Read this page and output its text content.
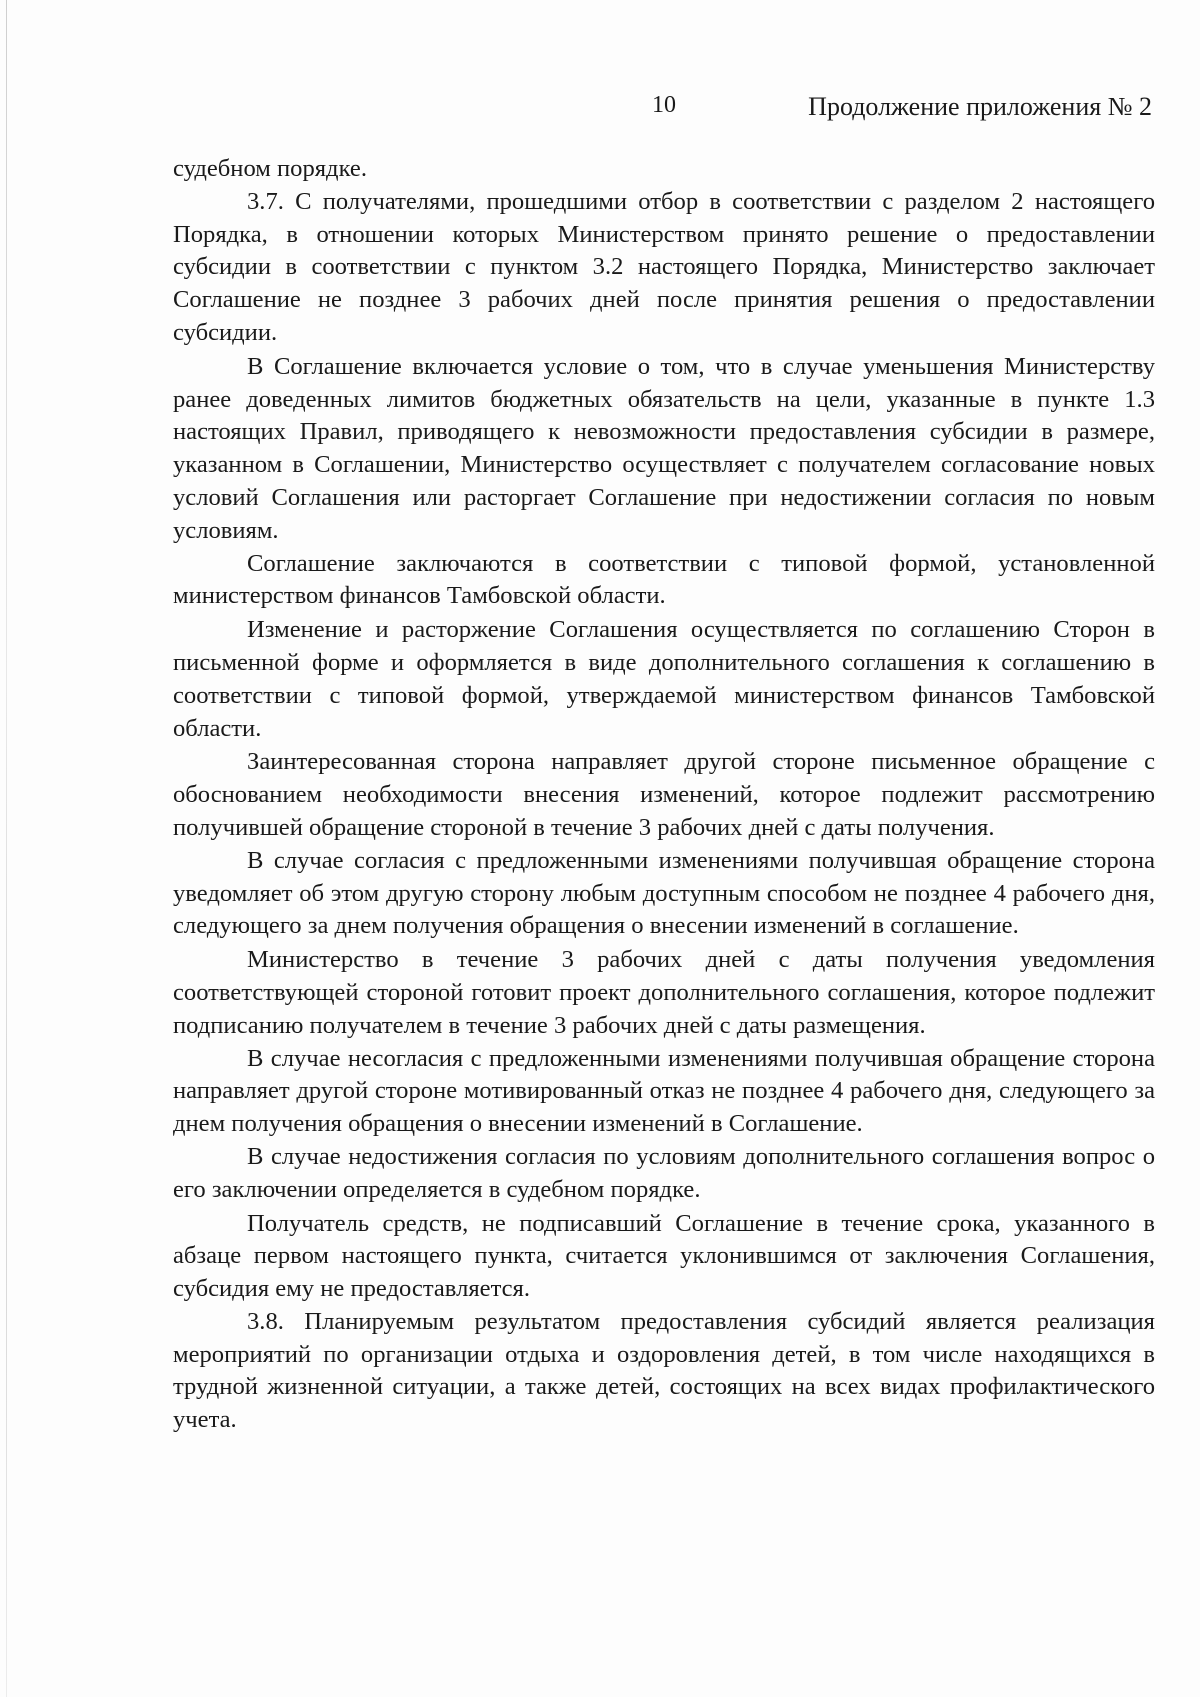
10	Продолжение приложения № 2

судебном порядке.

3.7. С получателями, прошедшими отбор в соответствии с разделом 2 настоящего Порядка, в отношении которых Министерством принято решение о предоставлении субсидии в соответствии с пунктом 3.2 настоящего Порядка, Министерство заключает Соглашение не позднее 3 рабочих дней после принятия решения о предоставлении субсидии.

В Соглашение включается условие о том, что в случае уменьшения Министерству ранее доведенных лимитов бюджетных обязательств на цели, указанные в пункте 1.3 настоящих Правил, приводящего к невозможности предоставления субсидии в размере, указанном в Соглашении, Министерство осуществляет с получателем согласование новых условий Соглашения или расторгает Соглашение при недостижении согласия по новым условиям.

Соглашение заключаются в соответствии с типовой формой, установленной министерством финансов Тамбовской области.

Изменение и расторжение Соглашения осуществляется по соглашению Сторон в письменной форме и оформляется в виде дополнительного соглашения к соглашению в соответствии с типовой формой, утверждаемой министерством финансов Тамбовской области.

Заинтересованная сторона направляет другой стороне письменное обращение с обоснованием необходимости внесения изменений, которое подлежит рассмотрению получившей обращение стороной в течение 3 рабочих дней с даты получения.

В случае согласия с предложенными изменениями получившая обращение сторона уведомляет об этом другую сторону любым доступным способом не позднее 4 рабочего дня, следующего за днем получения обращения о внесении изменений в соглашение.

Министерство в течение 3 рабочих дней с даты получения уведомления соответствующей стороной готовит проект дополнительного соглашения, которое подлежит подписанию получателем в течение 3 рабочих дней с даты размещения.

В случае несогласия с предложенными изменениями получившая обращение сторона направляет другой стороне мотивированный отказ не позднее 4 рабочего дня, следующего за днем получения обращения о внесении изменений в Соглашение.

В случае недостижения согласия по условиям дополнительного соглашения вопрос о его заключении определяется в судебном порядке.

Получатель средств, не подписавший Соглашение в течение срока, указанного в абзаце первом настоящего пункта, считается уклонившимся от заключения Соглашения, субсидия ему не предоставляется.

3.8. Планируемым результатом предоставления субсидий является реализация мероприятий по организации отдыха и оздоровления детей, в том числе находящихся в трудной жизненной ситуации, а также детей, состоящих на всех видах профилактического учета.
